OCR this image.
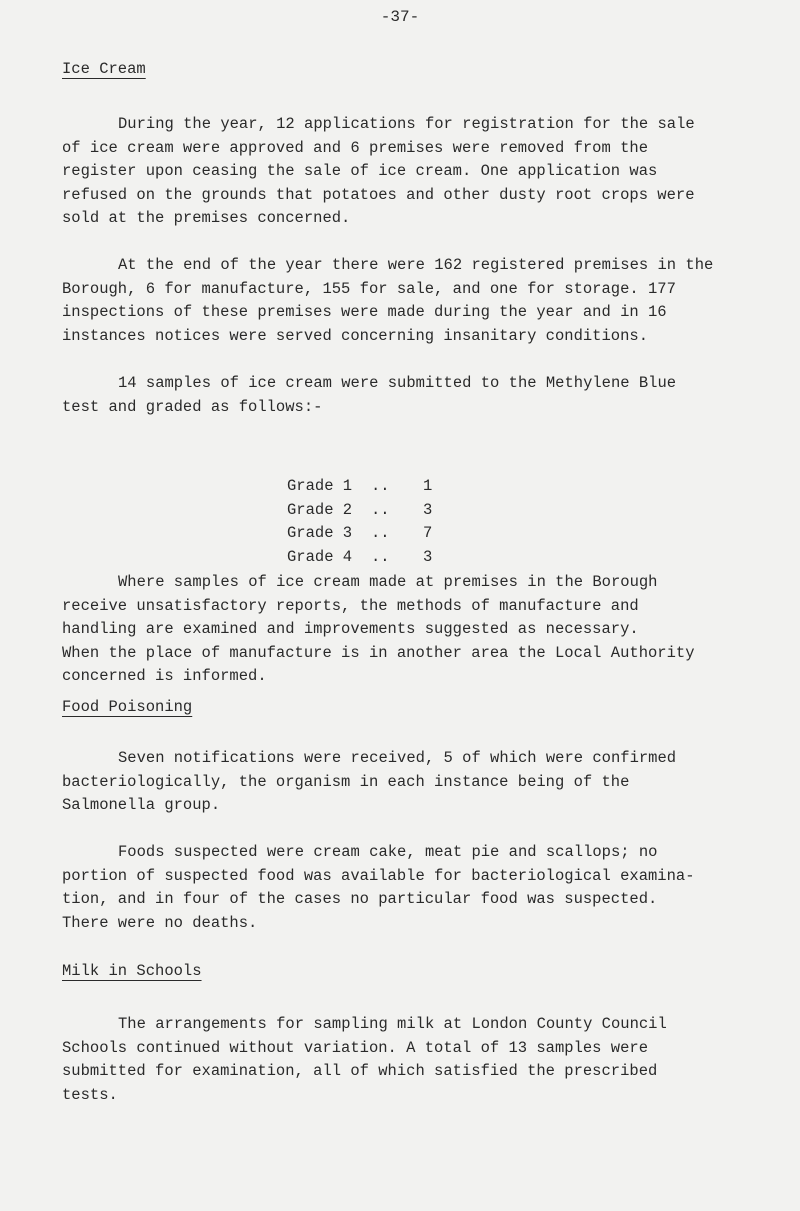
-37-
Ice Cream

During the year, 12 applications for registration for the sale
of ice cream were approved and 6 premises were removed from the
register upon ceasing the sale of ice cream. One application was
refused on the grounds that potatoes and other dusty root crops were
sold at the premises concerned.

At the end of the year there were 162 registered premises in the
Borough, 6 for manufacture, 155 for sale, and one for storage. 177
inspections of these premises were made during the year and in 16
instances notices were served concerning insanitary conditions.

14 samples of ice cream were submitted to the Methylene Blue
test and graded as follows:-

Grade 1	..	1
Grade 2	..	3
Grade 3	..	7
Grade 4	..	3

Where samples of ice cream made at premises in the Borough
receive unsatisfactory reports, the methods of manufacture and
handling are examined and improvements suggested as necessary.
When the place of manufacture is in another area the Local Authority
concerned is informed.

Food Poisoning

Seven notifications were received, 5 of which were confirmed
bacteriologically, the organism in each instance being of the
Salmonella group.

Foods suspected were cream cake, meat pie and scallops; no
portion of suspected food was available for bacteriological examina-
tion, and in four of the cases no particular food was suspected.
There were no deaths.

Milk in Schools

The arrangements for sampling milk at London County Council
Schools continued without variation. A total of 13 samples were
submitted for examination, all of which satisfied the prescribed
tests.
